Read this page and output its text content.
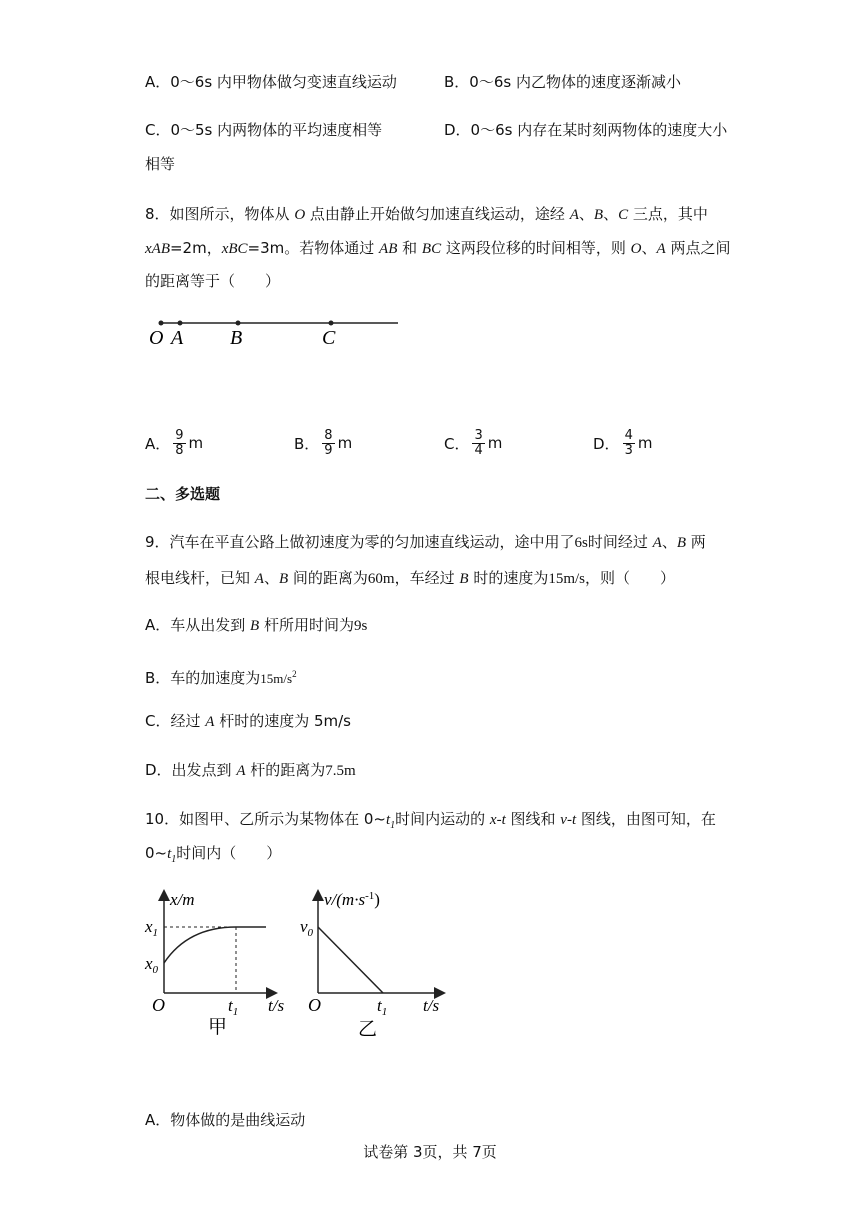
A．0～6s 内甲物体做匀变速直线运动	B．0～6s 内乙物体的速度逐渐减小
C．0～5s 内两物体的平均速度相等	D．0～6s 内存在某时刻两物体的速度大小
相等
8．如图所示，物体从 O 点由静止开始做匀加速直线运动，途经 A、B、C 三点，其中
xAB=2m，xBC=3m。若物体通过 AB 和 BC 这两段位移的时间相等，则 O、A 两点之间
的距离等于（　　）
O A B	C
A． $\frac{9}{8}$ m	B． $\frac{8}{9}$ m	C． $\frac{3}{4}$ m	D． $\frac{4}{3}$ m
二、多选题
9．汽车在平直公路上做初速度为零的匀加速直线运动，途中用了6s时间经过 A、B 两
根电线杆，已知 A、B 间的距离为60m，车经过 B 时的速度为15m/s，则（　　）
A．车从出发到 B 杆所用时间为9s
B．车的加速度为$15m/s^2$
C．经过 A 杆时的速度为 5m/s
D．出发点到 A 杆的距离为7.5m
10．如图甲、乙所示为某物体在 $0\sim t_1$时间内运动的 x-t 图线和 v-t 图线，由图可知，在
$0\sim t_1$时间内（　　）
x/m
$x_1$
$x_0$
O	$t_1$ t/s
甲
$v/(m\cdot s^{-1})$
$v_0$
O	$t_1$ t/s
乙
A．物体做的是曲线运动
试卷第 3页，共 7页
